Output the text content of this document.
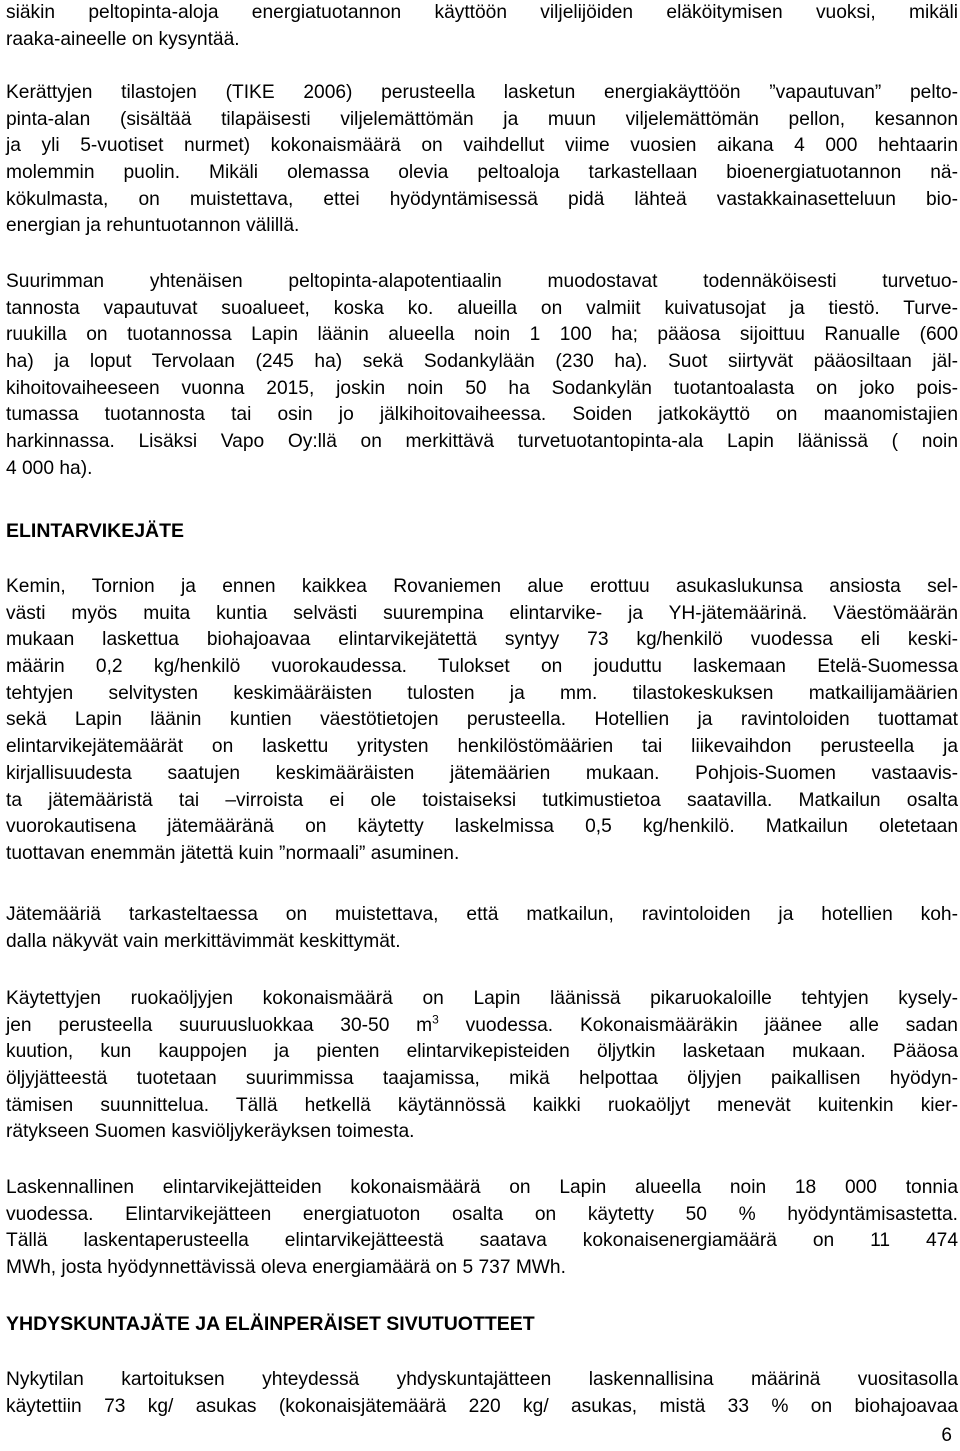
siäkin peltopinta-aloja energiatuotannon käyttöön viljelijöiden eläköitymisen vuoksi, mikäli
raaka-aineelle on kysyntää.
Kerättyjen tilastojen (TIKE 2006) perusteella lasketun energiakäyttöön ”vapautuvan” pelto-
pinta-alan (sisältää tilapäisesti viljelemättömän ja muun viljelemättömän pellon, kesannon
ja yli 5-vuotiset nurmet) kokonaismäärä on vaihdellut viime vuosien aikana 4 000 hehtaarin
molemmin puolin. Mikäli olemassa olevia peltoaloja tarkastellaan bioenergiatuotannon nä-
kökulmasta, on muistettava, ettei hyödyntämisessä pidä lähteä vastakkainasetteluun bio-
energian ja rehuntuotannon välillä.
Suurimman yhtenäisen peltopinta-alapotentiaalin muodostavat todennäköisesti turvetuo-
tannosta vapautuvat suoalueet, koska ko. alueilla on valmiit kuivatusojat ja tiestö. Turve-
ruukilla on tuotannossa Lapin läänin alueella noin 1 100 ha; pääosa sijoittuu Ranualle (600
ha) ja loput Tervolaan (245 ha) sekä Sodankylään (230 ha). Suot siirtyvät pääosiltaan jäl-
kihoitovaiheeseen vuonna 2015, joskin noin 50 ha Sodankylän tuotantoalasta on joko pois-
tumassa tuotannosta tai osin jo jälkihoitovaiheessa. Soiden jatkokäyttö on maanomistajien
harkinnassa. Lisäksi Vapo Oy:llä on merkittävä turvetuotantopinta-ala Lapin läänissä ( noin
4 000 ha).
ELINTARVIKEJÄTE
Kemin, Tornion ja ennen kaikkea Rovaniemen alue erottuu asukaslukunsa ansiosta sel-
västi myös muita kuntia selvästi suurempina elintarvike- ja YH-jätemäärinä. Väestömäärän
mukaan laskettua biohajoavaa elintarvikejätettä syntyy 73 kg/henkilö vuodessa eli keski-
määrin 0,2 kg/henkilö vuorokaudessa. Tulokset on jouduttu laskemaan Etelä-Suomessa
tehtyjen selvitysten keskimääräisten tulosten ja mm. tilastokeskuksen matkailijamäärien
sekä Lapin läänin kuntien väestötietojen perusteella. Hotellien ja ravintoloiden tuottamat
elintarvikejätemäärät on laskettu yritysten henkilöstömäärien tai liikevaihdon perusteella ja
kirjallisuudesta saatujen keskimääräisten jätemäärien mukaan. Pohjois-Suomen vastaavis-
ta jätemääristä tai –virroista ei ole toistaiseksi tutkimustietoa saatavilla. Matkailun osalta
vuorokautisena jätemääränä on käytetty laskelmissa 0,5 kg/henkilö. Matkailun oletetaan
tuottavan enemmän jätettä kuin ”normaali” asuminen.
Jätemääriä tarkasteltaessa on muistettava, että matkailun, ravintoloiden ja hotellien koh-
dalla näkyvät vain merkittävimmät keskittymät.
Käytettyjen ruokaöljyjen kokonaismäärä on Lapin läänissä pikaruokaloille tehtyjen kysely-
jen perusteella suuruusluokkaa 30-50 $m^3$ vuodessa. Kokonaismääräkin jäänee alle sadan
kuution, kun kauppojen ja pienten elintarvikepisteiden öljytkin lasketaan mukaan. Pääosa
öljyjätteestä tuotetaan suurimmissa taajamissa, mikä helpottaa öljyjen paikallisen hyödyn-
tämisen suunnittelua. Tällä hetkellä käytännössä kaikki ruokaöljyt menevät kuitenkin kier-
rätykseen Suomen kasviöljykeräyksen toimesta.
Laskennallinen elintarvikejätteiden kokonaismäärä on Lapin alueella noin 18 000 tonnia
vuodessa. Elintarvikejätteen energiatuoton osalta on käytetty 50 % hyödyntämisastetta.
Tällä laskentaperusteella elintarvikejätteestä saatava kokonaisenergiamäärä on 11 474
MWh, josta hyödynnettävissä oleva energiamäärä on 5 737 MWh.
YHDYSKUNTAJÄTE JA ELÄINPERÄISET SIVUTUOTTEET
Nykytilan kartoituksen yhteydessä yhdyskuntajätteen laskennallisina määrinä vuositasolla
käytettiin 73 kg/ asukas (kokonaisjätemäärä 220 kg/ asukas, mistä 33 % on biohajoavaa
6
